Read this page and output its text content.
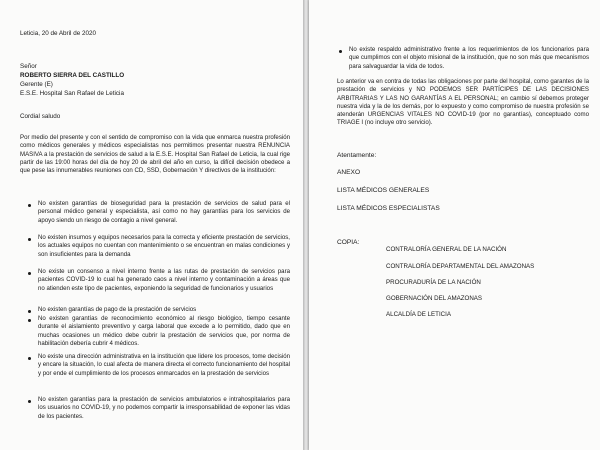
Leticia, 20 de Abril de 2020
Señor
ROBERTO SIERRA DEL CASTILLO
Gerente (E)
E.S.E. Hospital San Rafael de Leticia
Cordial saludo
Por medio del presente y con el sentido de compromiso con la vida que enmarca nuestra profesión como médicos generales y médicos especialistas nos permitimos presentar nuestra RENUNCIA MASIVA a la prestación de servicios de salud a la E.S.E. Hospital San Rafael de Leticia, la cual rige partir de las 19:00 horas del día de hoy 20 de abril del año en curso, la difícil decisión obedece a que pese las innumerables reuniones con CD, SSD, Gobernación Y directivos de la institución:
No existen garantías de bioseguridad para la prestación de servicios de salud para el personal médico general y especialista, así como no hay garantías para los servicios de apoyo siendo un riesgo de contagio a nivel general.
No existen insumos y equipos necesarios para la correcta y eficiente prestación de servicios, los actuales equipos no cuentan con mantenimiento o se encuentran en malas condiciones y son insuficientes para la demanda
No existe un consenso a nivel interno frente a las rutas de prestación de servicios para pacientes COVID-19 lo cual ha generado caos a nivel interno y contaminación a áreas que no atienden este tipo de pacientes, exponiendo la seguridad de funcionarios y usuarios
No existen garantías de pago de la prestación de servicios
No existen garantías de reconocimiento económico al riesgo biológico, tiempo cesante durante el aislamiento preventivo y carga laboral que excede a lo permitido, dado que en muchas ocasiones un médico debe cubrir la prestación de servicios que, por norma de habilitación debería cubrir 4 médicos.
No existe una dirección administrativa en la institución que lidere los procesos, tome decisión y encare la situación, lo cual afecta de manera directa el correcto funcionamiento del hospital y por ende el cumplimiento de los procesos enmarcados en la prestación de servicios
No existen garantías para la prestación de servicios ambulatorios e intrahospitalarios para los usuarios no COVID-19, y no podemos compartir la irresponsabilidad de exponer las vidas de los pacientes.
No existe respaldo administrativo frente a los requerimientos de los funcionarios para que cumplimos con el objeto misional de la institución, que no son más que mecanismos para salvaguardar la vida de todos.
Lo anterior va en contra de todas las obligaciones por parte del hospital, como garantes de la prestación de servicios y NO PODEMOS SER PARTÍCIPES DE LAS DECISIONES ARBITRARIAS Y LAS NO GARANTÍAS A EL PERSONAL; en cambio sí debemos proteger nuestra vida y la de los demás, por lo expuesto y como compromiso de nuestra profesión se atenderán URGENCIAS VITALES NO COVID-19 (por no garantías), conceptuado como TRIAGE I (no incluye otro servicio).
Atentamente:
ANEXO
LISTA MÉDICOS GENERALES
LISTA MÉDICOS ESPECIALISTAS
COPIA:
CONTRALORÍA GENERAL DE LA NACIÓN
CONTRALORÍA DEPARTAMENTAL DEL AMAZONAS
PROCURADURÍA DE LA NACIÓN
GOBERNACIÓN DEL AMAZONAS
ALCALDÍA DE LETICIA
